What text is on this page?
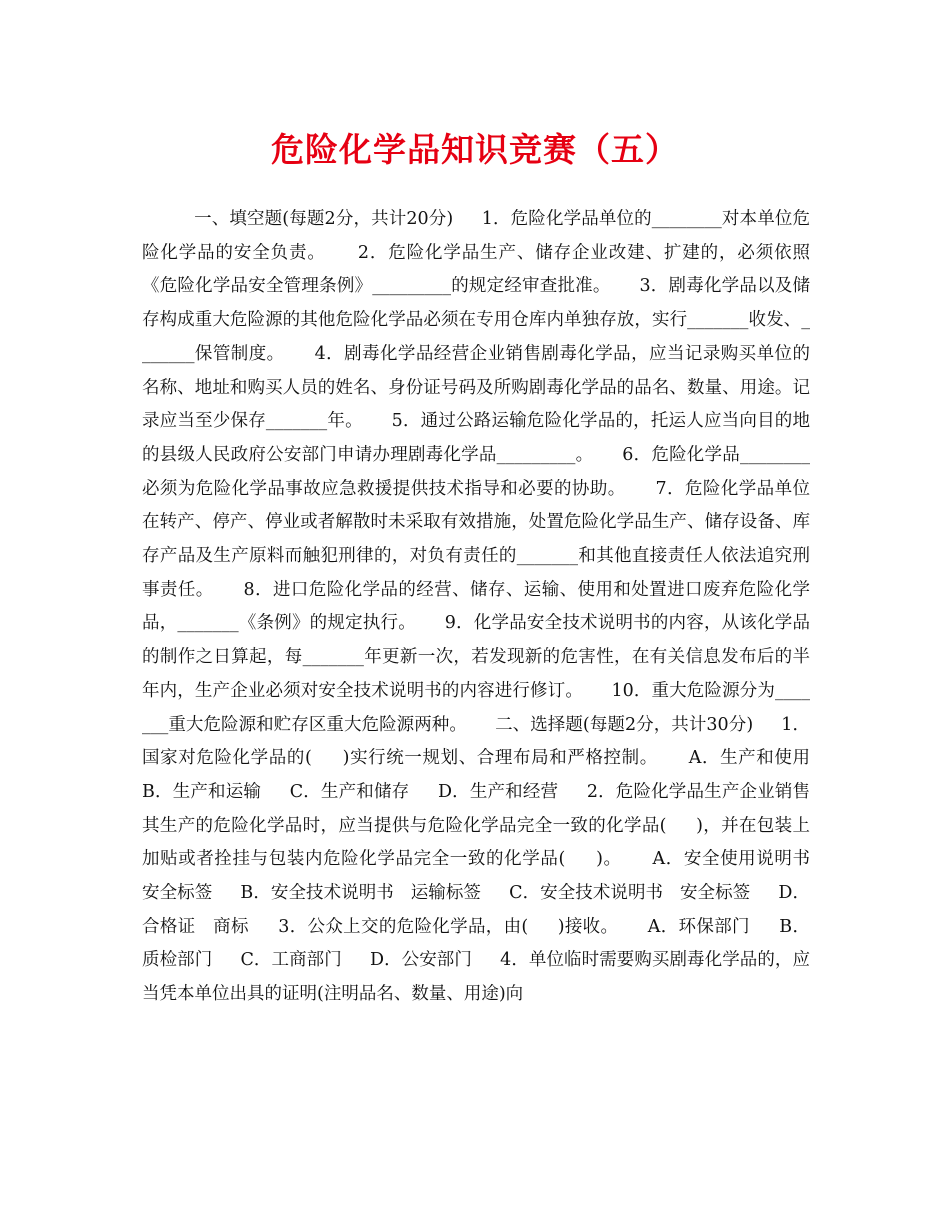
危险化学品知识竞赛（五）
一、填空题(每题2分，共计20分)     1．危险化学品单位的________对本单位危险化学品的安全负责。     2．危险化学品生产、储存企业改建、扩建的，必须依照《危险化学品安全管理条例》_________的规定经审查批准。     3．剧毒化学品以及储存构成重大危险源的其他危险化学品必须在专用仓库内单独存放，实行_______收发、_______保管制度。     4．剧毒化学品经营企业销售剧毒化学品，应当记录购买单位的名称、地址和购买人员的姓名、身份证号码及所购剧毒化学品的品名、数量、用途。记录应当至少保存_______年。     5．通过公路运输危险化学品的，托运人应当向目的地的县级人民政府公安部门申请办理剧毒化学品_________。     6．危险化学品________必须为危险化学品事故应急救援提供技术指导和必要的协助。     7．危险化学品单位在转产、停产、停业或者解散时未采取有效措施，处置危险化学品生产、储存设备、库存产品及生产原料而触犯刑律的，对负有责任的_______和其他直接责任人依法追究刑事责任。     8．进口危险化学品的经营、储存、运输、使用和处置进口废弃危险化学品，_______《条例》的规定执行。     9．化学品安全技术说明书的内容，从该化学品的制作之日算起，每_______年更新一次，若发现新的危害性，在有关信息发布后的半年内，生产企业必须对安全技术说明书的内容进行修订。     10．重大危险源分为_______重大危险源和贮存区重大危险源两种。     二、选择题(每题2分，共计30分)     1．国家对危险化学品的(     )实行统一规划、合理布局和严格控制。     A．生产和使用 B．生产和运输     C．生产和储存     D．生产和经营     2．危险化学品生产企业销售其生产的危险化学品时，应当提供与危险化学品完全一致的化学品(     )，并在包装上加贴或者拴挂与包装内危险化学品完全一致的化学品(     )。     A．安全使用说明书   安全标签     B．安全技术说明书   运输标签     C．安全技术说明书   安全标签     D．合格证   商标     3．公众上交的危险化学品，由(     )接收。     A．环保部门     B．质检部门     C．工商部门     D．公安部门     4．单位临时需要购买剧毒化学品的，应当凭本单位出具的证明(注明品名、数量、用途)向
